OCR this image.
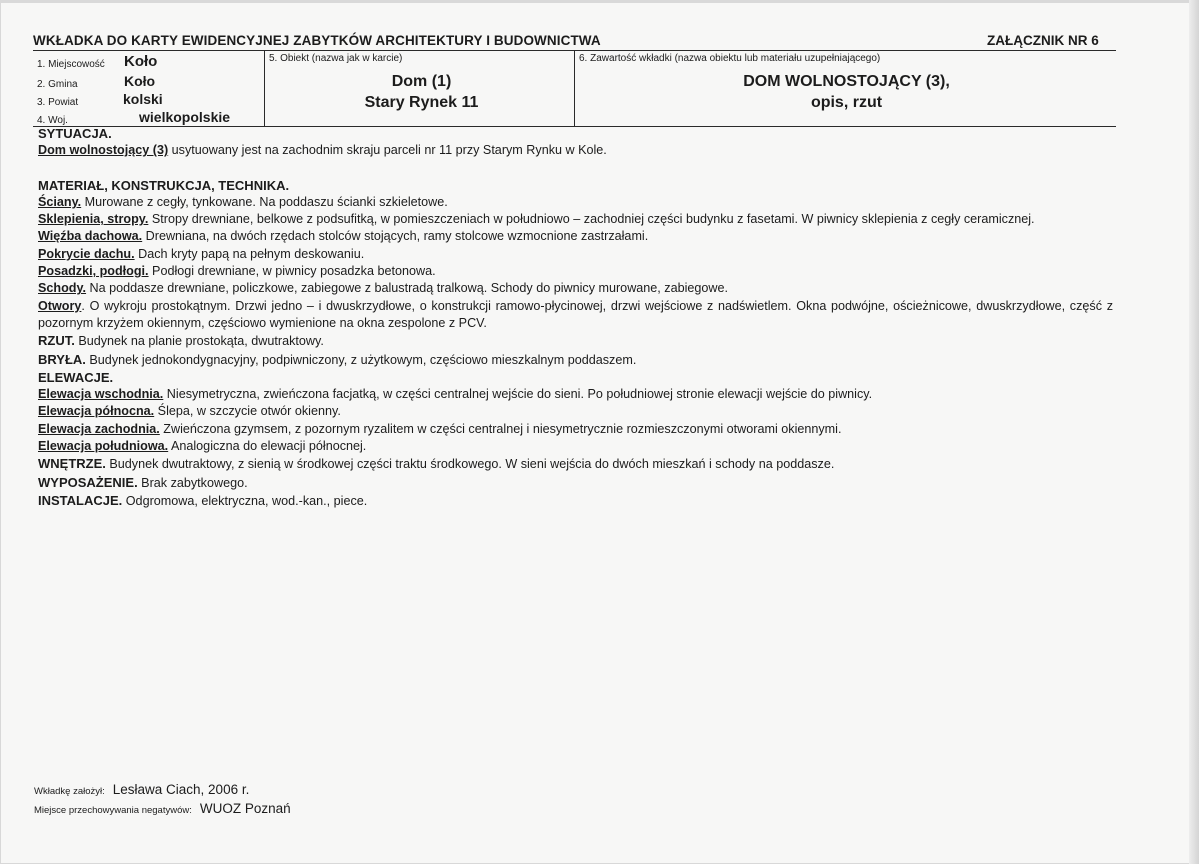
WKŁADKA DO KARTY EWIDENCYJNEJ ZABYTKÓW ARCHITEKTURY I BUDOWNICTWA	ZAŁĄCZNIK NR 6
1. Miejscowość Koło
2. Gmina	Koło
3. Powiat	kolski
4. Woj.	wielkopolskie
5. Obiekt (nazwa jak w karcie)
Dom (1)
Stary Rynek 11
6. Zawartość wkładki (nazwa obiektu lub materiału uzupełniającego)
DOM WOLNOSTOJĄCY (3),
opis, rzut

SYTUACJA.

Dom wolnostojący (3) usytuowany jest na zachodnim skraju parceli nr 11 przy Starym Rynku w Kole.

MATERIAŁ, KONSTRUKCJA, TECHNIKA.

Ściany. Murowane z cegły, tynkowane. Na poddaszu ścianki szkieletowe.

Sklepienia, stropy. Stropy drewniane, belkowe z podsufitką, w pomieszczeniach w południowo – zachodniej części budynku z fasetami. W piwnicy sklepienia z cegły ceramicznej.

Więźba dachowa. Drewniana, na dwóch rzędach stolców stojących, ramy stolcowe wzmocnione zastrzałami.

Pokrycie dachu. Dach kryty papą na pełnym deskowaniu.

Posadzki, podłogi. Podłogi drewniane, w piwnicy posadzka betonowa.

Schody. Na poddasze drewniane, policzkowe, zabiegowe z balustradą tralkową. Schody do piwnicy murowane, zabiegowe.

Otwory. O wykroju prostokątnym. Drzwi jedno – i dwuskrzydłowe, o konstrukcji ramowo-płycinowej, drzwi wejściowe z nadświetlem. Okna podwójne, ościeżnicowe, dwuskrzydłowe, część z pozornym krzyżem okiennym, częściowo wymienione na okna zespolone z PCV.

RZUT. Budynek na planie prostokąta, dwutraktowy.

BRYŁA. Budynek jednokondygnacyjny, podpiwniczony, z użytkowym, częściowo mieszkalnym poddaszem.

ELEWACJE.

Elewacja wschodnia. Niesymetryczna, zwieńczona facjatką, w części centralnej wejście do sieni. Po południowej stronie elewacji wejście do piwnicy.

Elewacja północna. Ślepa, w szczycie otwór okienny.

Elewacja zachodnia. Zwieńczona gzymsem, z pozornym ryzalitem w części centralnej i niesymetrycznie rozmieszczonymi otworami okiennymi.

Elewacja południowa. Analogiczna do elewacji północnej.

WNĘTRZE. Budynek dwutraktowy, z sienią w środkowej części traktu środkowego. W sieni wejścia do dwóch mieszkań i schody na poddasze.

WYPOSAŻENIE. Brak zabytkowego.

INSTALACJE. Odgromowa, elektryczna, wod.-kan., piece.

Wkładkę założył: Lesława Ciach, 2006 r.
Miejsce przechowywania negatywów: WUOZ Poznań
